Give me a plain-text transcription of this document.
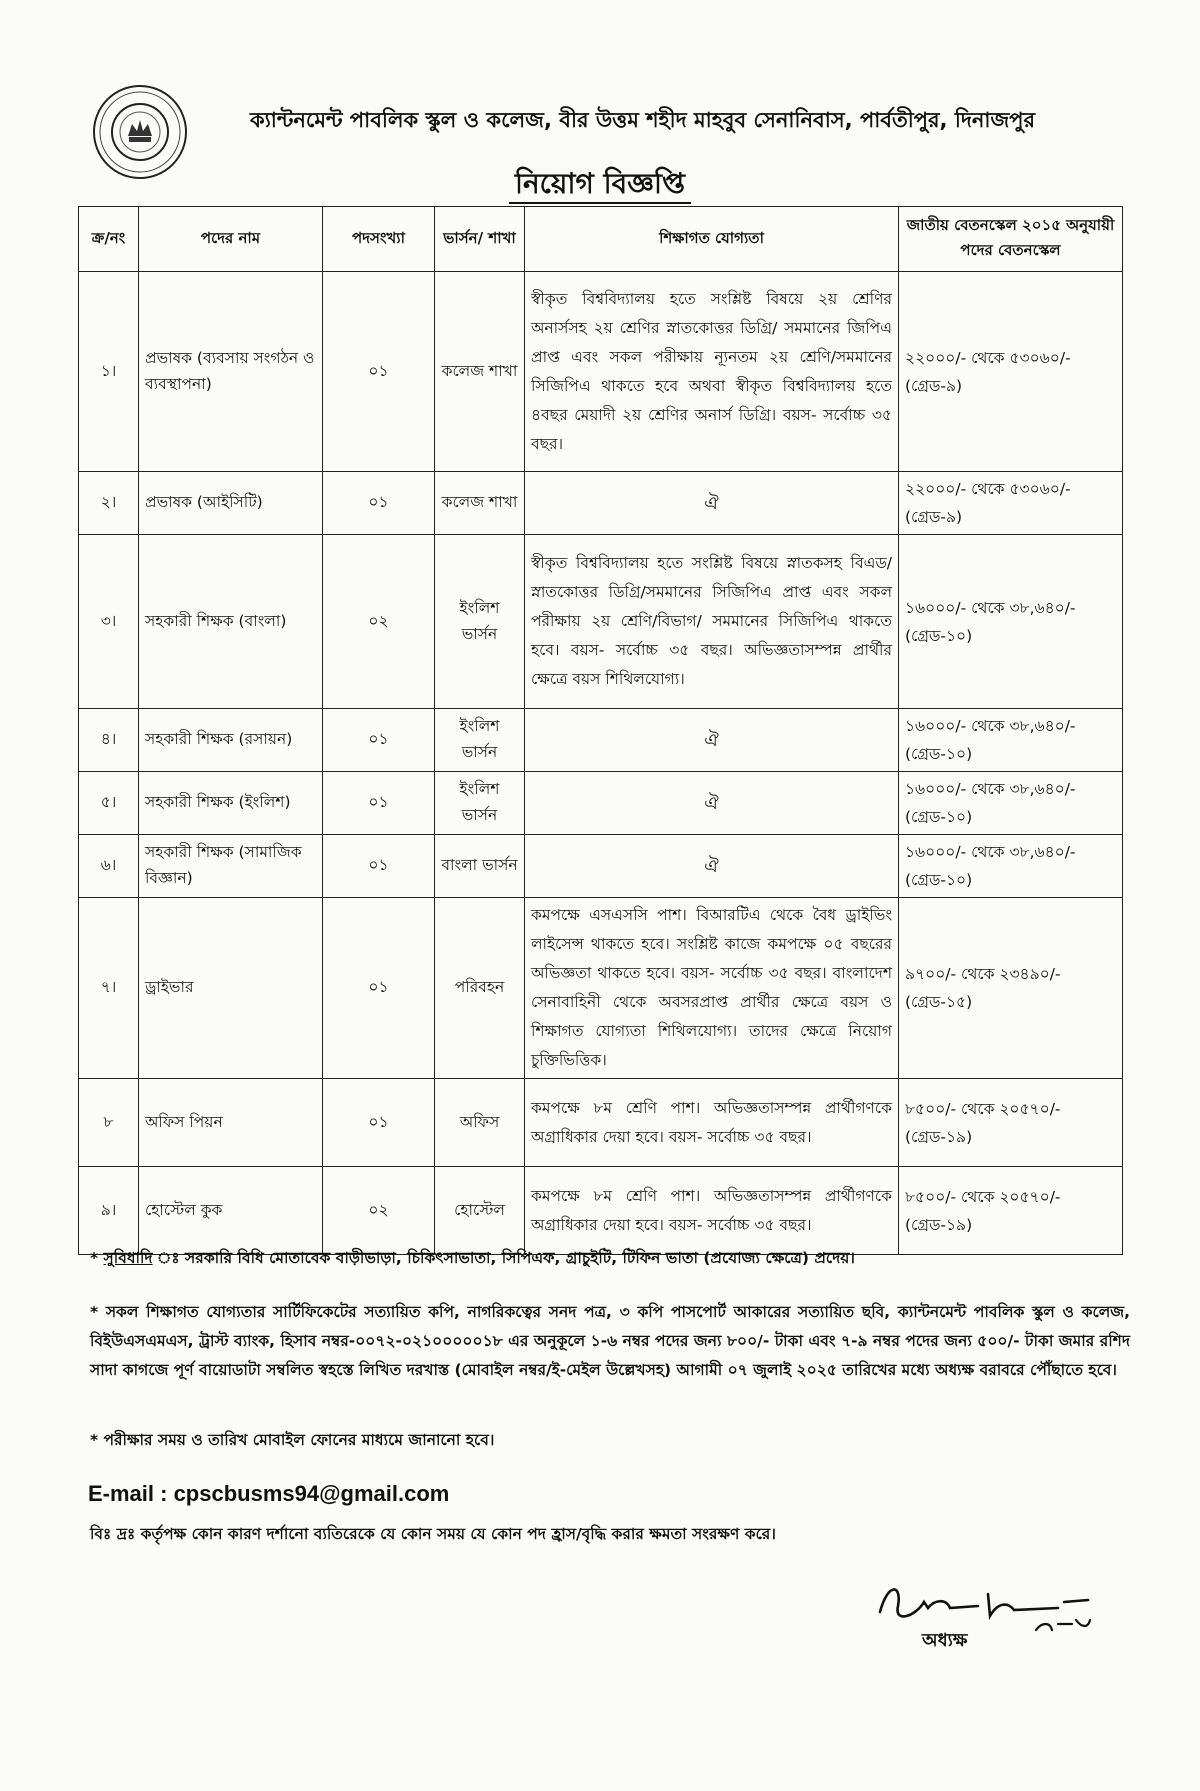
ক্যান্টনমেন্ট পাবলিক স্কুল ও কলেজ, বীর উত্তম শহীদ মাহবুব সেনানিবাস, পার্বতীপুর, দিনাজপুর
নিয়োগ বিজ্ঞপ্তি
ক্র/নং	পদের নাম	পদসংখ্যা	ভার্সন/ শাখা	শিক্ষাগত যোগ্যতা	জাতীয় বেতনস্কেল ২০১৫ অনুযায়ী পদের বেতনস্কেল
১।	প্রভাষক (ব্যবসায় সংগঠন ও ব্যবস্থাপনা)	০১	কলেজ শাখা	স্বীকৃত বিশ্ববিদ্যালয় হতে সংশ্লিষ্ট বিষয়ে ২য় শ্রেণির অনার্সসহ ২য় শ্রেণির স্নাতকোত্তর ডিগ্রি/ সমমানের জিপিএ প্রাপ্ত এবং সকল পরীক্ষায় ন্যূনতম ২য় শ্রেণি/সমমানের সিজিপিএ থাকতে হবে অথবা স্বীকৃত বিশ্ববিদ্যালয় হতে ৪বছর মেয়াদী ২য় শ্রেণির অনার্স ডিগ্রি। বয়স- সর্বোচ্চ ৩৫ বছর।	২২০০০/- থেকে ৫৩০৬০/-(গ্রেড-৯)
২।	প্রভাষক (আইসিটি)	০১	কলেজ শাখা	ঐ	২২০০০/- থেকে ৫৩০৬০/-(গ্রেড-৯)
৩।	সহকারী শিক্ষক (বাংলা)	০২	ইংলিশ ভার্সন	স্বীকৃত বিশ্ববিদ্যালয় হতে সংশ্লিষ্ট বিষয়ে স্নাতকসহ বিএড/স্নাতকোত্তর ডিগ্রি/সমমানের সিজিপিএ প্রাপ্ত এবং সকল পরীক্ষায় ২য় শ্রেণি/বিভাগ/ সমমানের সিজিপিএ থাকতে হবে। বয়স- সর্বোচ্চ ৩৫ বছর। অভিজ্ঞতাসম্পন্ন প্রার্থীর ক্ষেত্রে বয়স শিথিলযোগ্য।	১৬০০০/- থেকে ৩৮,৬৪০/-(গ্রেড-১০)
৪।	সহকারী শিক্ষক (রসায়ন)	০১	ইংলিশ ভার্সন	ঐ	১৬০০০/- থেকে ৩৮,৬৪০/-(গ্রেড-১০)
৫।	সহকারী শিক্ষক (ইংলিশ)	০১	ইংলিশ ভার্সন	ঐ	১৬০০০/- থেকে ৩৮,৬৪০/-(গ্রেড-১০)
৬।	সহকারী শিক্ষক (সামাজিক বিজ্ঞান)	০১	বাংলা ভার্সন	ঐ	১৬০০০/- থেকে ৩৮,৬৪০/-(গ্রেড-১০)
৭।	ড্রাইভার	০১	পরিবহন	কমপক্ষে এসএসসি পাশ। বিআরটিএ থেকে বৈধ ড্রাইভিং লাইসেন্স থাকতে হবে। সংশ্লিষ্ট কাজে কমপক্ষে ০৫ বছরের অভিজ্ঞতা থাকতে হবে। বয়স- সর্বোচ্চ ৩৫ বছর। বাংলাদেশ সেনাবাহিনী থেকে অবসরপ্রাপ্ত প্রার্থীর ক্ষেত্রে বয়স ও শিক্ষাগত যোগ্যতা শিথিলযোগ্য। তাদের ক্ষেত্রে নিয়োগ চুক্তিভিত্তিক।	৯৭০০/- থেকে ২৩৪৯০/-(গ্রেড-১৫)
৮	অফিস পিয়ন	০১	অফিস	কমপক্ষে ৮ম শ্রেণি পাশ। অভিজ্ঞতাসম্পন্ন প্রার্থীগণকে অগ্রাধিকার দেয়া হবে। বয়স- সর্বোচ্চ ৩৫ বছর।	৮৫০০/- থেকে ২০৫৭০/-(গ্রেড-১৯)
৯।	হোস্টেল কুক	০২	হোস্টেল	কমপক্ষে ৮ম শ্রেণি পাশ। অভিজ্ঞতাসম্পন্ন প্রার্থীগণকে অগ্রাধিকার দেয়া হবে। বয়স- সর্বোচ্চ ৩৫ বছর।	৮৫০০/- থেকে ২০৫৭০/-(গ্রেড-১৯)
* সুবিধাদি ঃ সরকারি বিধি মোতাবেক বাড়ীভাড়া, চিকিৎসাভাতা, সিপিএফ, গ্রাচুইটি, টিফিন ভাতা (প্রযোজ্য ক্ষেত্রে) প্রদেয়।
* সকল শিক্ষাগত যোগ্যতার সার্টিফিকেটের সত্যায়িত কপি, নাগরিকত্বের সনদ পত্র, ৩ কপি পাসপোর্ট আকারের সত্যায়িত ছবি, ক্যান্টনমেন্ট পাবলিক স্কুল ও কলেজ, বিইউএসএমএস, ট্রাস্ট ব্যাংক, হিসাব নম্বর-০০৭২-০২১০০০০০১৮ এর অনুকূলে ১-৬ নম্বর পদের জন্য ৮০০/- টাকা এবং ৭-৯ নম্বর পদের জন্য ৫০০/- টাকা জমার রশিদ সাদা কাগজে পূর্ণ বায়োডাটা সম্বলিত স্বহস্তে লিখিত দরখাস্ত (মোবাইল নম্বর/ই-মেইল উল্লেখসহ) আগামী ০৭ জুলাই ২০২৫ তারিখের মধ্যে অধ্যক্ষ বরাবরে পৌঁছাতে হবে।
* পরীক্ষার সময় ও তারিখ মোবাইল ফোনের মাধ্যমে জানানো হবে।
E-mail : cpscbusms94@gmail.com
বিঃ দ্রঃ কর্তৃপক্ষ কোন কারণ দর্শানো ব্যতিরেকে যে কোন সময় যে কোন পদ হ্রাস/বৃদ্ধি করার ক্ষমতা সংরক্ষণ করে।
অধ্যক্ষ
